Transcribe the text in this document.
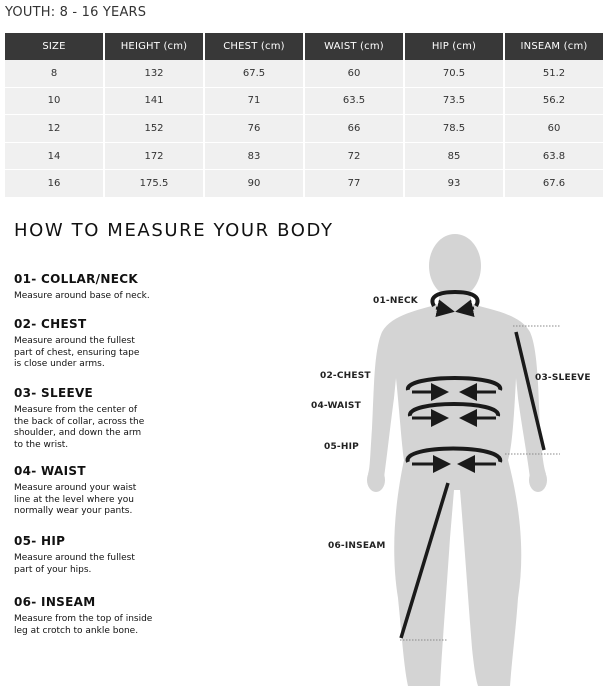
YOUTH: 8 - 16 YEARS
SIZE	HEIGHT (cm)	CHEST (cm)	WAIST (cm)	HIP (cm)	INSEAM (cm)
8	132	67.5	60	70.5	51.2
10	141	71	63.5	73.5	56.2
12	152	76	66	78.5	60
14	172	83	72	85	63.8
16	175.5	90	77	93	67.6
HOW TO MEASURE YOUR BODY
01- COLLAR/NECK
Measure around base of neck.
02- CHEST
Measure around the fullest
part of chest, ensuring tape
is close under arms.
03- SLEEVE
Measure from the center of
the back of collar, across the
shoulder, and down the arm
to the wrist.
04- WAIST
Measure around your waist
line at the level where you
normally wear your pants.
05- HIP
Measure around the fullest
part of your hips.
06- INSEAM
Measure from the top of inside
leg at crotch to ankle bone.
01-NECK
02-CHEST	03-SLEEVE
04-WAIST
05-HIP
06-INSEAM
